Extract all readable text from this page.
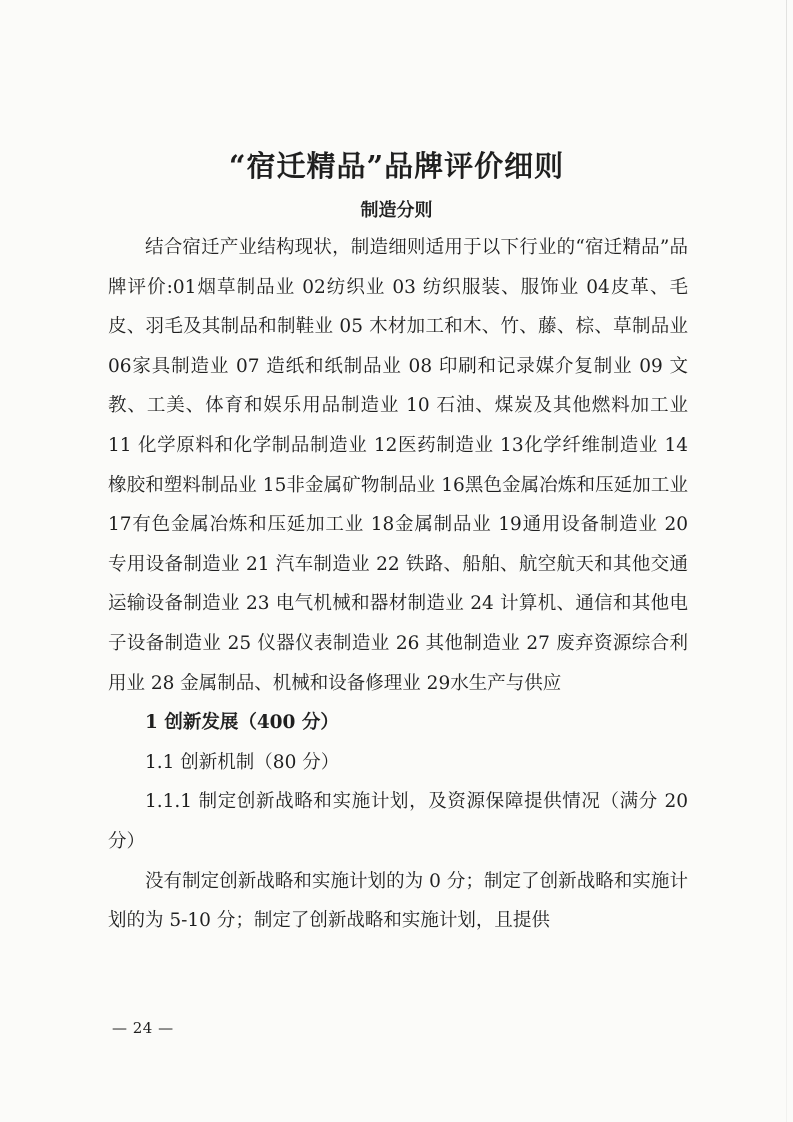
“宿迁精品”品牌评价细则
制造分则

结合宿迁产业结构现状，制造细则适用于以下行业的“宿迁精品”品牌评价:01烟草制品业 02纺织业 03 纺织服装、服饰业 04皮革、毛皮、羽毛及其制品和制鞋业 05 木材加工和木、竹、藤、棕、草制品业 06家具制造业 07 造纸和纸制品业 08 印刷和记录媒介复制业 09 文教、工美、体育和娱乐用品制造业 10 石油、煤炭及其他燃料加工业 11 化学原料和化学制品制造业 12医药制造业 13化学纤维制造业 14橡胶和塑料制品业 15非金属矿物制品业 16黑色金属冶炼和压延加工业 17有色金属冶炼和压延加工业 18金属制品业 19通用设备制造业 20 专用设备制造业 21 汽车制造业 22 铁路、船舶、航空航天和其他交通运输设备制造业 23 电气机械和器材制造业 24 计算机、通信和其他电子设备制造业 25 仪器仪表制造业 26 其他制造业 27 废弃资源综合利用业 28 金属制品、机械和设备修理业 29水生产与供应

1 创新发展（400 分）

1.1 创新机制（80 分）

1.1.1 制定创新战略和实施计划，及资源保障提供情况（满分 20 分）

没有制定创新战略和实施计划的为 0 分；制定了创新战略和实施计划的为 5-10 分；制定了创新战略和实施计划，且提供

— 24 —
